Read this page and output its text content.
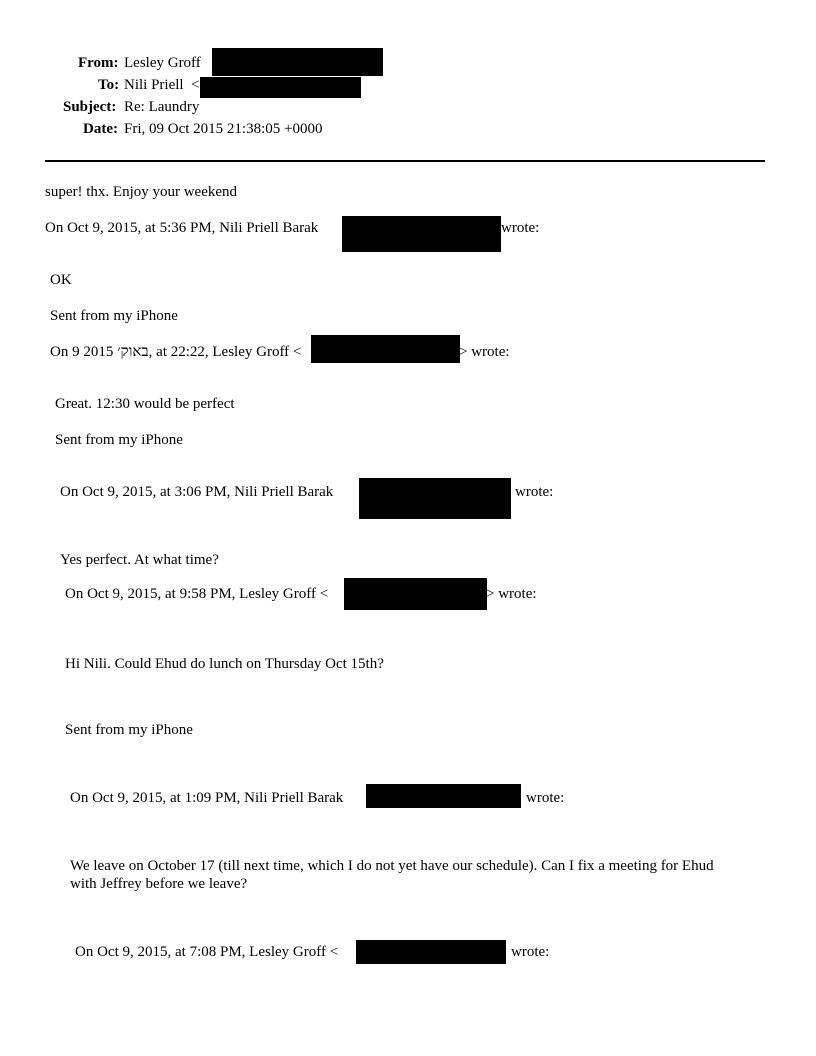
From: Lesley Groff
To: Nili Priell <
Subject: Re: Laundry
Date: Fri, 09 Oct 2015 21:38:05 +0000
super! thx. Enjoy your weekend
On Oct 9, 2015, at 5:36 PM, Nili Priell Barak	wrote:
OK
Sent from my iPhone
On 9 2015 באוק׳, at 22:22, Lesley Groff <	> wrote:
Great. 12:30 would be perfect
Sent from my iPhone
On Oct 9, 2015, at 3:06 PM, Nili Priell Barak	wrote:
Yes perfect. At what time?
On Oct 9, 2015, at 9:58 PM, Lesley Groff <	> wrote:
Hi Nili. Could Ehud do lunch on Thursday Oct 15th?
Sent from my iPhone
On Oct 9, 2015, at 1:09 PM, Nili Priell Barak	wrote:
We leave on October 17 (till next time, which I do not yet have our schedule). Can I fix a meeting for Ehud with Jeffrey before we leave?
On Oct 9, 2015, at 7:08 PM, Lesley Groff <	wrote:
